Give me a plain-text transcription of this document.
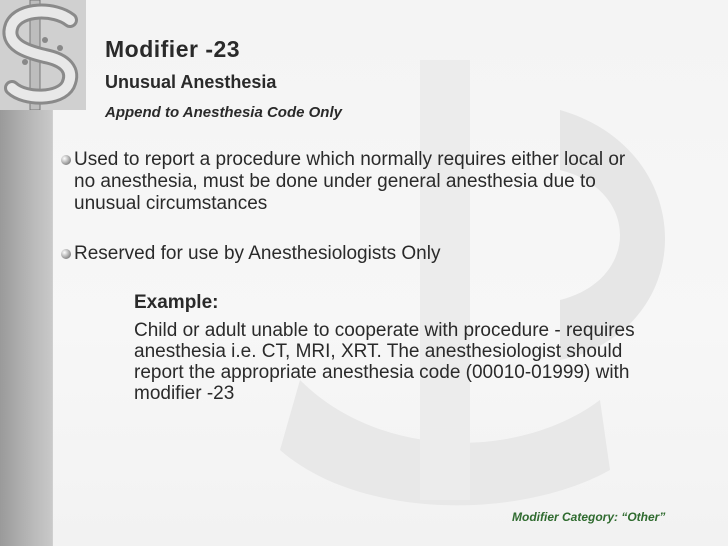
Modifier -23
Unusual Anesthesia
Append to Anesthesia Code Only
Used to report a procedure which normally requires either local or no anesthesia, must be done under general anesthesia due to unusual circumstances
Reserved for use by Anesthesiologists Only
Example:
Child or adult unable to cooperate with procedure - requires anesthesia i.e. CT, MRI, XRT. The anesthesiologist should report the appropriate anesthesia code (00010-01999) with modifier -23
Modifier Category: “Other”
